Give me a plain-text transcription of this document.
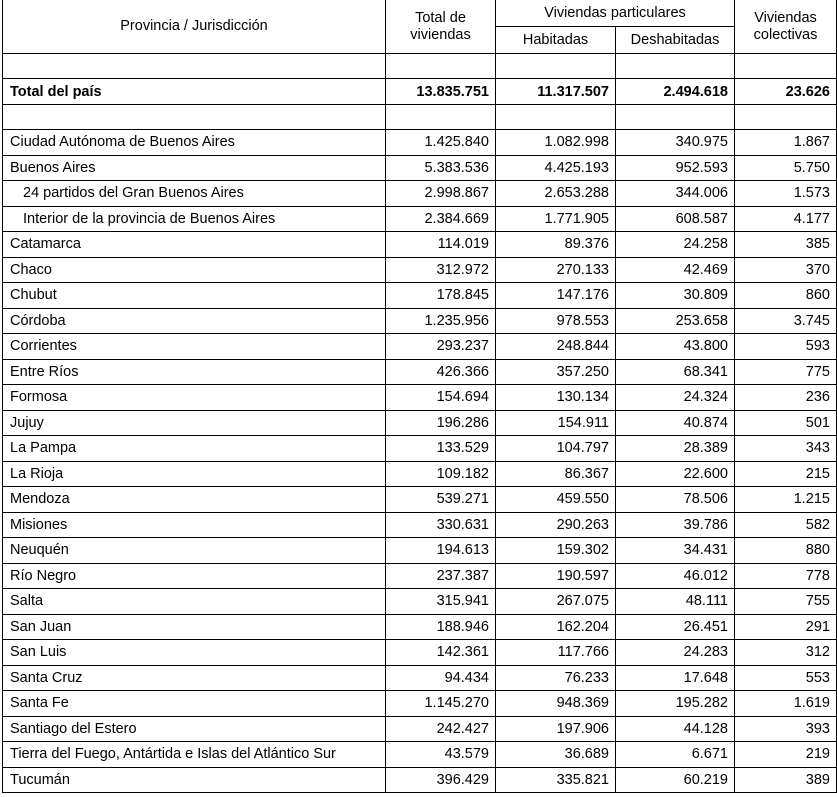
Provincia / Jurisdicción	Total de viviendas	Viviendas particulares		Viviendas colectivas
		Habitadas	Deshabitadas	

Total del país	13.835.751	11.317.507	2.494.618	23.626

Ciudad Autónoma de Buenos Aires	1.425.840	1.082.998	340.975	1.867
Buenos Aires	5.383.536	4.425.193	952.593	5.750
24 partidos del Gran Buenos Aires	2.998.867	2.653.288	344.006	1.573
Interior de la provincia de Buenos Aires	2.384.669	1.771.905	608.587	4.177
Catamarca	114.019	89.376	24.258	385
Chaco	312.972	270.133	42.469	370
Chubut	178.845	147.176	30.809	860
Córdoba	1.235.956	978.553	253.658	3.745
Corrientes	293.237	248.844	43.800	593
Entre Ríos	426.366	357.250	68.341	775
Formosa	154.694	130.134	24.324	236
Jujuy	196.286	154.911	40.874	501
La Pampa	133.529	104.797	28.389	343
La Rioja	109.182	86.367	22.600	215
Mendoza	539.271	459.550	78.506	1.215
Misiones	330.631	290.263	39.786	582
Neuquén	194.613	159.302	34.431	880
Río Negro	237.387	190.597	46.012	778
Salta	315.941	267.075	48.111	755
San Juan	188.946	162.204	26.451	291
San Luis	142.361	117.766	24.283	312
Santa Cruz	94.434	76.233	17.648	553
Santa Fe	1.145.270	948.369	195.282	1.619
Santiago del Estero	242.427	197.906	44.128	393
Tierra del Fuego, Antártida e Islas del Atlántico Sur	43.579	36.689	6.671	219
Tucumán	396.429	335.821	60.219	389
